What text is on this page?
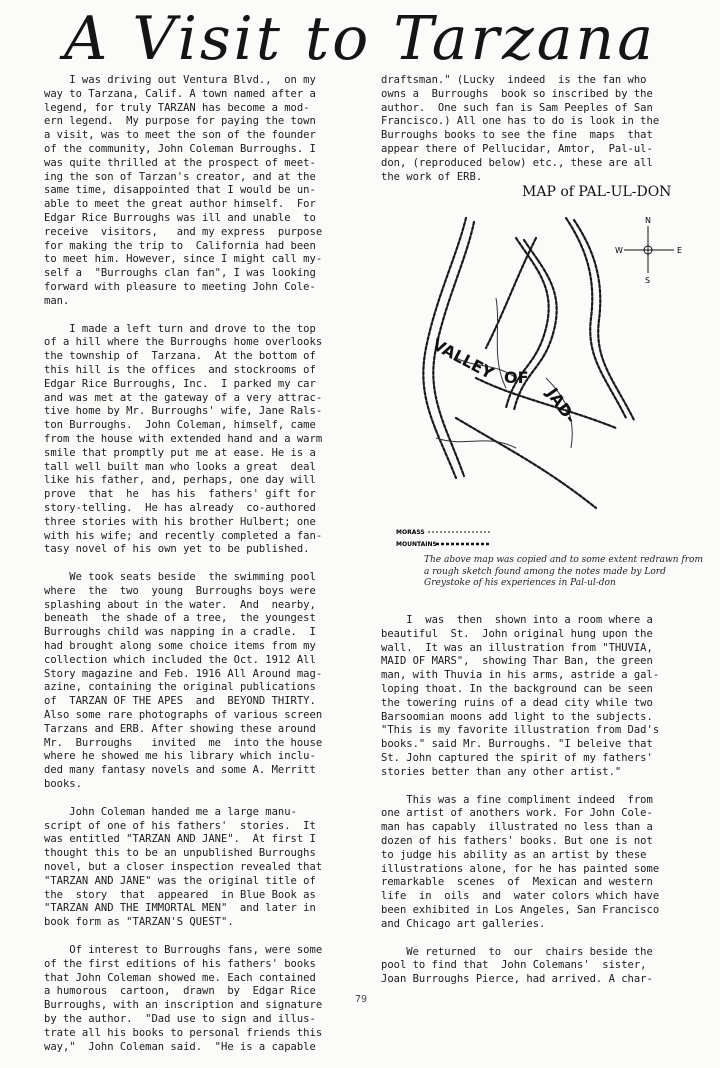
A Visit to Tarzana

I was driving out Ventura Blvd.,  on my
way to Tarzana, Calif. A town named after a
legend, for truly TARZAN has become a mod-
ern legend.  My purpose for paying the town
a visit, was to meet the son of the founder
of the community, John Coleman Burroughs. I
was quite thrilled at the prospect of meet-
ing the son of Tarzan's creator, and at the
same time, disappointed that I would be un-
able to meet the great author himself.  For
Edgar Rice Burroughs was ill and unable  to
receive  visitors,   and my express  purpose
for making the trip to  California had been
to meet him. However, since I might call my-
self a  "Burroughs clan fan", I was looking
forward with pleasure to meeting John Cole-
man.

I made a left turn and drove to the top
of a hill where the Burroughs home overlooks
the township of  Tarzana.  At the bottom of
this hill is the offices  and stockrooms of
Edgar Rice Burroughs, Inc.  I parked my car
and was met at the gateway of a very attrac-
tive home by Mr. Burroughs' wife, Jane Rals-
ton Burroughs.  John Coleman, himself, came
from the house with extended hand and a warm
smile that promptly put me at ease. He is a
tall well built man who looks a great  deal
like his father, and, perhaps, one day will
prove  that  he  has his  fathers' gift for
story-telling.  He has already  co-authored
three stories with his brother Hulbert; one
with his wife; and recently completed a fan-
tasy novel of his own yet to be published.

We took seats beside  the swimming pool
where  the  two  young  Burroughs boys were
splashing about in the water.  And  nearby,
beneath  the shade of a tree,  the youngest
Burroughs child was napping in a cradle.  I
had brought along some choice items from my
collection which included the Oct. 1912 All
Story magazine and Feb. 1916 All Around mag-
azine, containing the original publications
of  TARZAN OF THE APES  and  BEYOND THIRTY.
Also some rare photographs of various screen
Tarzans and ERB. After showing these around
Mr.  Burroughs   invited  me  into the house
where he showed me his library which inclu-
ded many fantasy novels and some A. Merritt
books.

John Coleman handed me a large manu-
script of one of his fathers'  stories.  It
was entitled "TARZAN AND JANE".  At first I
thought this to be an unpublished Burroughs
novel, but a closer inspection revealed that
"TARZAN AND JANE" was the original title of
the  story  that  appeared  in Blue Book as
"TARZAN AND THE IMMORTAL MEN"  and later in
book form as "TARZAN'S QUEST".

Of interest to Burroughs fans, were some
of the first editions of his fathers' books
that John Coleman showed me. Each contained
a humorous  cartoon,  drawn  by  Edgar Rice
Burroughs, with an inscription and signature
by the author.  "Dad use to sign and illus-
trate all his books to personal friends this
way,"  John Coleman said.  "He is a capable

draftsman." (Lucky  indeed  is the fan who
owns a  Burroughs  book so inscribed by the
author.  One such fan is Sam Peeples of San
Francisco.) All one has to do is look in the
Burroughs books to see the fine  maps  that
appear there of Pellucidar, Amtor,  Pal-ul-
don, (reproduced below) etc., these are all
the work of ERB.

MAP of PAL-UL-DON
N
S
E
W
VALLEY OF
JAD-
MORASS
MOUNTAINS
The above map was copied and to some extent redrawn from a rough sketch found among the notes made by Lord Greystoke of his experiences in Pal-ul-don

I  was  then  shown into a room where a
beautiful  St.  John original hung upon the
wall.  It was an illustration from "THUVIA,
MAID OF MARS",  showing Thar Ban, the green
man, with Thuvia in his arms, astride a gal-
loping thoat. In the background can be seen
the towering ruins of a dead city while two
Barsoomian moons add light to the subjects.
"This is my favorite illustration from Dad's
books." said Mr. Burroughs. "I beleive that
St. John captured the spirit of my fathers'
stories better than any other artist."

This was a fine compliment indeed  from
one artist of anothers work. For John Cole-
man has capably  illustrated no less than a
dozen of his fathers' books. But one is not
to judge his ability as an artist by these
illustrations alone, for he has painted some
remarkable  scenes  of  Mexican and western
life  in  oils  and  water colors which have
been exhibited in Los Angeles, San Francisco
and Chicago art galleries.

We returned  to  our  chairs beside the
pool to find that  John Colemans'  sister,
Joan Burroughs Pierce, had arrived. A char-

79
